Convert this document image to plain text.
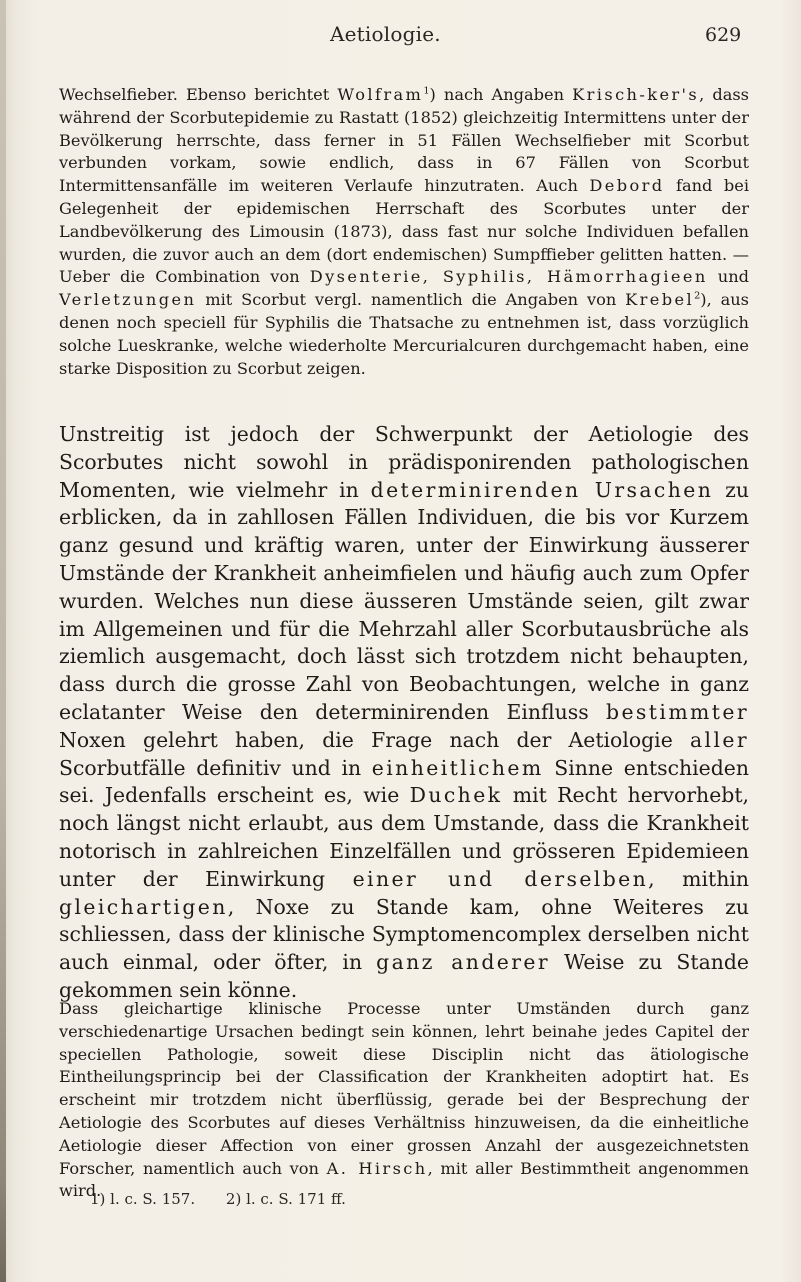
Aetiologie.	629

Wechselfieber. Ebenso berichtet Wolfram$^1$) nach Angaben Krisch-ker's, dass während der Scorbutepidemie zu Rastatt (1852) gleichzeitig Intermittens unter der Bevölkerung herrschte, dass ferner in 51 Fällen Wechselfieber mit Scorbut verbunden vorkam, sowie endlich, dass in 67 Fällen von Scorbut Intermittensanfälle im weiteren Verlaufe hinzutraten. Auch Debord fand bei Gelegenheit der epidemischen Herrschaft des Scorbutes unter der Landbevölkerung des Limousin (1873), dass fast nur solche Individuen befallen wurden, die zuvor auch an dem (dort endemischen) Sumpffieber gelitten hatten. — Ueber die Combination von Dysenterie, Syphilis, Hämorrhagieen und Verletzungen mit Scorbut vergl. namentlich die Angaben von Krebel$^2$), aus denen noch speciell für Syphilis die Thatsache zu entnehmen ist, dass vorzüglich solche Lueskranke, welche wiederholte Mercurialcuren durchgemacht haben, eine starke Disposition zu Scorbut zeigen.

Unstreitig ist jedoch der Schwerpunkt der Aetiologie des Scorbutes nicht sowohl in prädisponirenden pathologischen Momenten, wie vielmehr in determinirenden Ursachen zu erblicken, da in zahllosen Fällen Individuen, die bis vor Kurzem ganz gesund und kräftig waren, unter der Einwirkung äusserer Umstände der Krankheit anheimfielen und häufig auch zum Opfer wurden. Welches nun diese äusseren Umstände seien, gilt zwar im Allgemeinen und für die Mehrzahl aller Scorbutausbrüche als ziemlich ausgemacht, doch lässt sich trotzdem nicht behaupten, dass durch die grosse Zahl von Beobachtungen, welche in ganz eclatanter Weise den determinirenden Einfluss bestimmter Noxen gelehrt haben, die Frage nach der Aetiologie aller Scorbutfälle definitiv und in einheitlichem Sinne entschieden sei. Jedenfalls erscheint es, wie Duchek mit Recht hervorhebt, noch längst nicht erlaubt, aus dem Umstande, dass die Krankheit notorisch in zahlreichen Einzelfällen und grösseren Epidemieen unter der Einwirkung einer und derselben, mithin gleichartigen, Noxe zu Stande kam, ohne Weiteres zu schliessen, dass der klinische Symptomencomplex derselben nicht auch einmal, oder öfter, in ganz anderer Weise zu Stande gekommen sein könne.

Dass gleichartige klinische Processe unter Umständen durch ganz verschiedenartige Ursachen bedingt sein können, lehrt beinahe jedes Capitel der speciellen Pathologie, soweit diese Disciplin nicht das ätiologische Eintheilungsprincip bei der Classification der Krankheiten adoptirt hat. Es erscheint mir trotzdem nicht überflüssig, gerade bei der Besprechung der Aetiologie des Scorbutes auf dieses Verhältniss hinzuweisen, da die einheitliche Aetiologie dieser Affection von einer grossen Anzahl der ausgezeichnetsten Forscher, namentlich auch von A. Hirsch, mit aller Bestimmtheit angenommen wird.

1) l. c. S. 157. 2) l. c. S. 171 ff.
